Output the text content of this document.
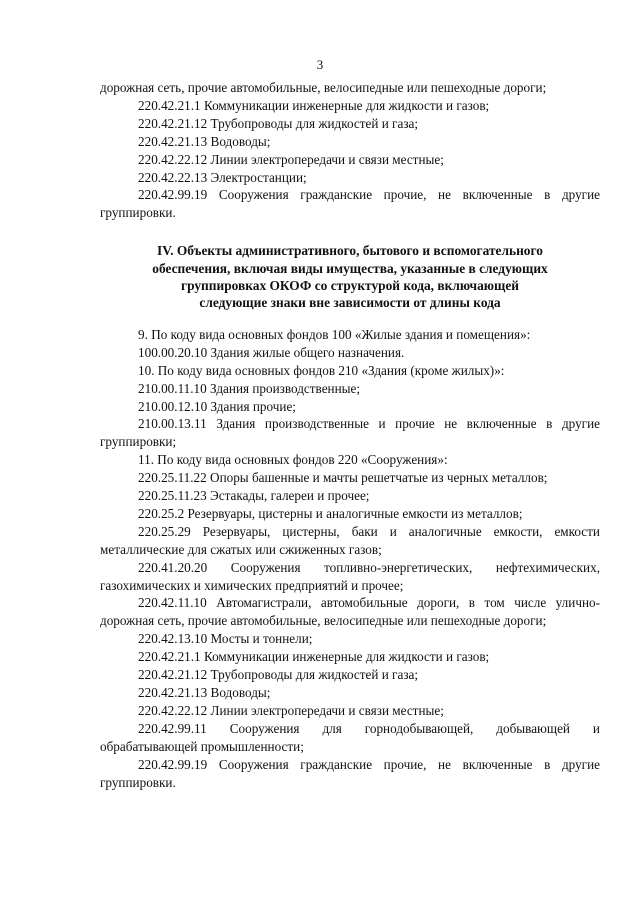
3

дорожная сеть, прочие автомобильные, велосипедные или пешеходные дороги;

220.42.21.1 Коммуникации инженерные для жидкости и газов;

220.42.21.12 Трубопроводы для жидкостей и газа;

220.42.21.13 Водоводы;

220.42.22.12 Линии электропередачи и связи местные;

220.42.22.13 Электростанции;

220.42.99.19 Сооружения гражданские прочие, не включенные в другие группировки.

IV. Объекты административного, бытового и вспомогательного
обеспечения, включая виды имущества, указанные в следующих
группировках ОКОФ со структурой кода, включающей
следующие знаки вне зависимости от длины кода

9. По коду вида основных фондов 100 «Жилые здания и помещения»:

100.00.20.10 Здания жилые общего назначения.

10. По коду вида основных фондов 210 «Здания (кроме жилых)»:

210.00.11.10 Здания производственные;

210.00.12.10 Здания прочие;

210.00.13.11 Здания производственные и прочие не включенные в другие группировки;

11. По коду вида основных фондов 220 «Сооружения»:

220.25.11.22 Опоры башенные и мачты решетчатые из черных металлов;

220.25.11.23 Эстакады, галереи и прочее;

220.25.2 Резервуары, цистерны и аналогичные емкости из металлов;

220.25.29 Резервуары, цистерны, баки и аналогичные емкости, емкости металлические для сжатых или сжиженных газов;

220.41.20.20 Сооружения топливно-энергетических, нефтехимических, газохимических и химических предприятий и прочее;

220.42.11.10 Автомагистрали, автомобильные дороги, в том числе улично-дорожная сеть, прочие автомобильные, велосипедные или пешеходные дороги;

220.42.13.10 Мосты и тоннели;

220.42.21.1 Коммуникации инженерные для жидкости и газов;

220.42.21.12 Трубопроводы для жидкостей и газа;

220.42.21.13 Водоводы;

220.42.22.12 Линии электропередачи и связи местные;

220.42.99.11 Сооружения для горнодобывающей, добывающей и обрабатывающей промышленности;

220.42.99.19 Сооружения гражданские прочие, не включенные в другие группировки.
